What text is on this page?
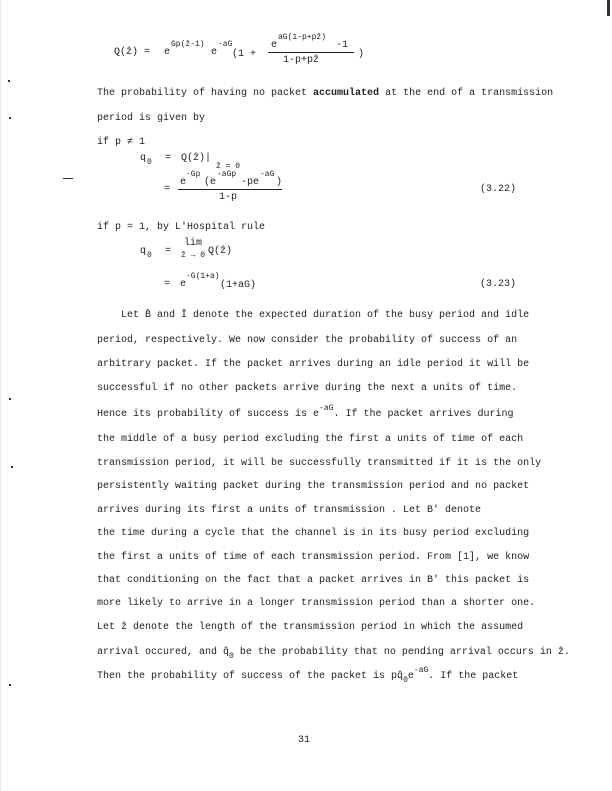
Q(ẑ) = e
Gp(ẑ-1)
e
-aG
(1 +
e
aG(1-p+pẑ)
-1
1-p+pẑ
)
The probability of having no packet accumulated at the end of a transmission
period is given by
if p ≠ 1
q 0 = Q(ẑ)|
ẑ = 0
=
e
-Gp
(e
-aGp
-pe
-aG
)
1-p
(3.22)
if p = 1, by L'Hospital rule
q 0 =
lim
ẑ → 0 Q(ẑ)
= e
-G(1+a)
(1+aG)	(3.23)
Let B̄ and Ī denote the expected duration of the busy period and idle
period, respectively. We now consider the probability of success of an
arbitrary packet. If the packet arrives during an idle period it will be
successful if no other packets arrive during the next a units of time.
Hence its probability of success is $e^{-aG}$. If the packet arrives during
the middle of a busy period excluding the first a units of time of each
transmission period, it will be successfully transmitted if it is the only
persistently waiting packet during the transmission period and no packet
arrives during its first a units of transmission . Let B' denote
the time during a cycle that the channel is in its busy period excluding
the first a units of time of each transmission period. From [1], we know
that conditioning on the fact that a packet arrives in B' this packet is
more likely to arrive in a longer transmission period than a shorter one.
Let ẑ denote the length of the transmission period in which the assumed
arrival occured, and $q̂_0$ be the probability that no pending arrival occurs in ẑ.
Then the probability of success of the packet is $pq̂_0e^{-aG}$. If the packet
31
